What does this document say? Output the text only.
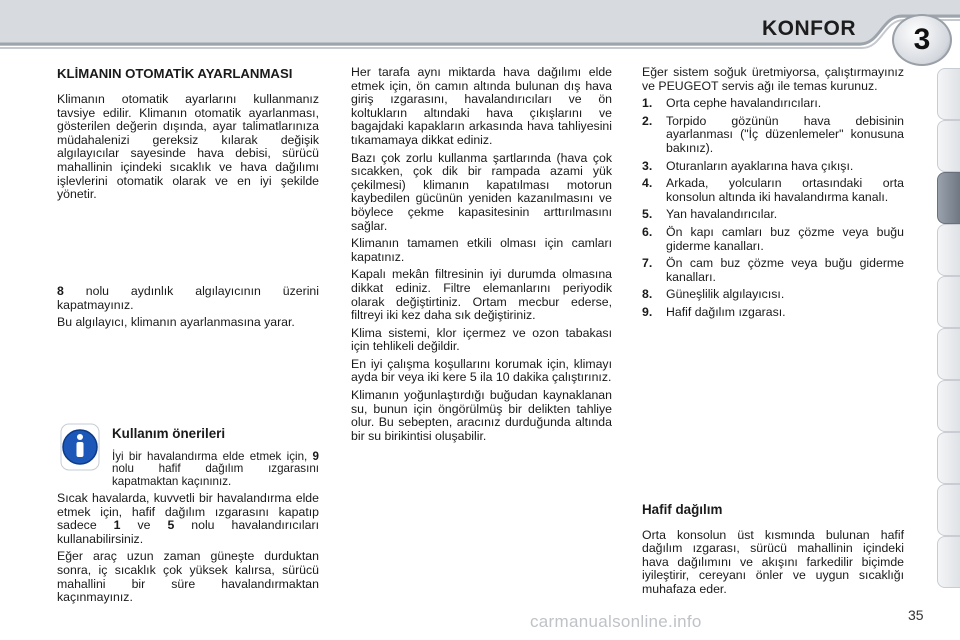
KONFOR	3
KLİMANIN OTOMATİK AYARLANMASI

Klimanın otomatik ayarlarını kullanmanız tavsiye edilir. Klimanın otomatik ayarlanması, gösterilen değerin dışında, ayar talimatlarınıza müdahalenizi gereksiz kılarak değişik algılayıcılar sayesinde hava debisi, sürücü mahallinin içindeki sıcaklık ve hava dağılımı işlevlerini otomatik olarak ve en iyi şekilde yönetir.

8 nolu aydınlık algılayıcının üzerini kapatmayınız.

Bu algılayıcı, klimanın ayarlanmasına yarar.

Kullanım önerileri

İyi bir havalandırma elde etmek için, 9 nolu hafif dağılım ızgarasını kapatmaktan kaçınınız.

Sıcak havalarda, kuvvetli bir havalandırma elde etmek için, hafif dağılım ızgarasını kapatıp sadece 1 ve 5 nolu havalandırıcıları kullanabilirsiniz.

Eğer araç uzun zaman güneşte durduktan sonra, iç sıcaklık çok yüksek kalırsa, sürücü mahallini bir süre havalandırmaktan kaçınmayınız.

Her tarafa aynı miktarda hava dağılımı elde etmek için, ön camın altında bulunan dış hava giriş ızgarasını, havalandırıcıları ve ön koltukların altındaki hava çıkışlarını ve bagajdaki kapakların arkasında hava tahliyesini tıkamamaya dikkat ediniz.

Bazı çok zorlu kullanma şartlarında (hava çok sıcakken, çok dik bir rampada azami yük çekilmesi) klimanın kapatılması motorun kaybedilen gücünün yeniden kazanılmasını ve böylece çekme kapasitesinin arttırılmasını sağlar.

Klimanın tamamen etkili olması için camları kapatınız.

Kapalı mekân filtresinin iyi durumda olmasına dikkat ediniz. Filtre elemanlarını periyodik olarak değiştirtiniz. Ortam mecbur ederse, filtreyi iki kez daha sık değiştiriniz.

Klima sistemi, klor içermez ve ozon tabakası için tehlikeli değildir.

En iyi çalışma koşullarını korumak için, klimayı ayda bir veya iki kere 5 ila 10 dakika çalıştırınız.

Klimanın yoğunlaştırdığı buğudan kaynaklanan su, bunun için öngörülmüş bir delikten tahliye olur. Bu sebepten, aracınız durduğunda altında bir su birikintisi oluşabilir.

Eğer sistem soğuk üretmiyorsa, çalıştırmayınız ve PEUGEOT servis ağı ile temas kurunuz.

1.	Orta cephe havalandırıcıları.
2.	Torpido gözünün hava debisinin ayarlanması ("İç düzenlemeler" konusuna bakınız).
3.	Oturanların ayaklarına hava çıkışı.
4.	Arkada, yolcuların ortasındaki orta konsolun altında iki havalandırma kanalı.
5.	Yan havalandırıcılar.
6.	Ön kapı camları buz çözme veya buğu giderme kanalları.
7.	Ön cam buz çözme veya buğu giderme kanalları.
8.	Güneşlilik algılayıcısı.
9.	Hafif dağılım ızgarası.
Hafif dağılım

Orta konsolun üst kısmında bulunan hafif dağılım ızgarası, sürücü mahallinin içindeki hava dağılımını ve akışını farkedilir biçimde iyileştirir, cereyanı önler ve uygun sıcaklığı muhafaza eder.

carmanualsonline.info	35
